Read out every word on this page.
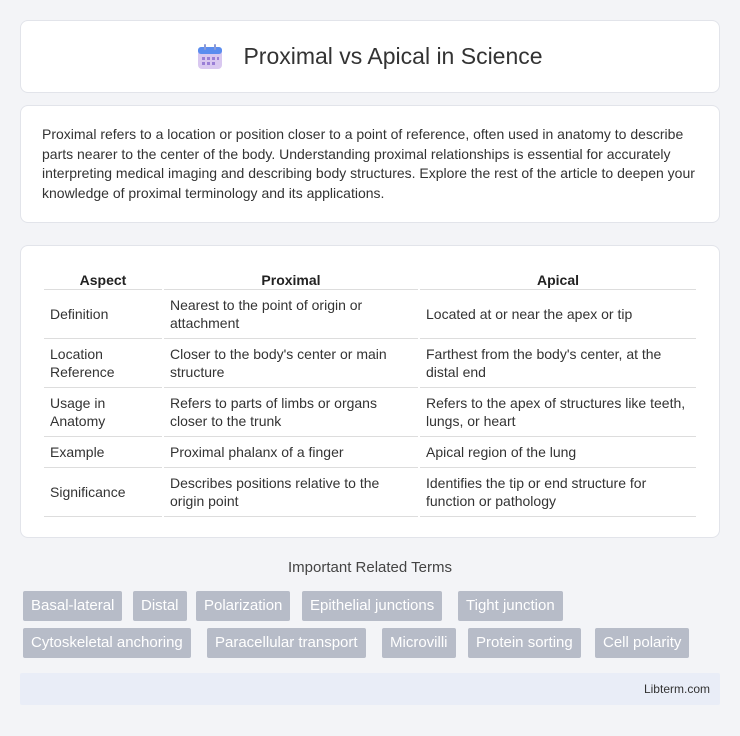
Proximal vs Apical in Science

Proximal refers to a location or position closer to a point of reference, often used in anatomy to describe parts nearer to the center of the body. Understanding proximal relationships is essential for accurately interpreting medical imaging and describing body structures. Explore the rest of the article to deepen your knowledge of proximal terminology and its applications.

Aspect	Proximal	Apical
Definition	Nearest to the point of origin or attachment	Located at or near the apex or tip
Location Reference	Closer to the body's center or main structure	Farthest from the body's center, at the distal end
Usage in Anatomy	Refers to parts of limbs or organs closer to the trunk	Refers to the apex of structures like teeth, lungs, or heart
Example	Proximal phalanx of a finger	Apical region of the lung
Significance	Describes positions relative to the origin point	Identifies the tip or end structure for function or pathology
Important Related Terms
Basal-lateral	Distal	Polarization	Epithelial junctions	Tight junction
Cytoskeletal anchoring	Paracellular transport	Microvilli	Protein sorting	Cell polarity
Libterm.com
